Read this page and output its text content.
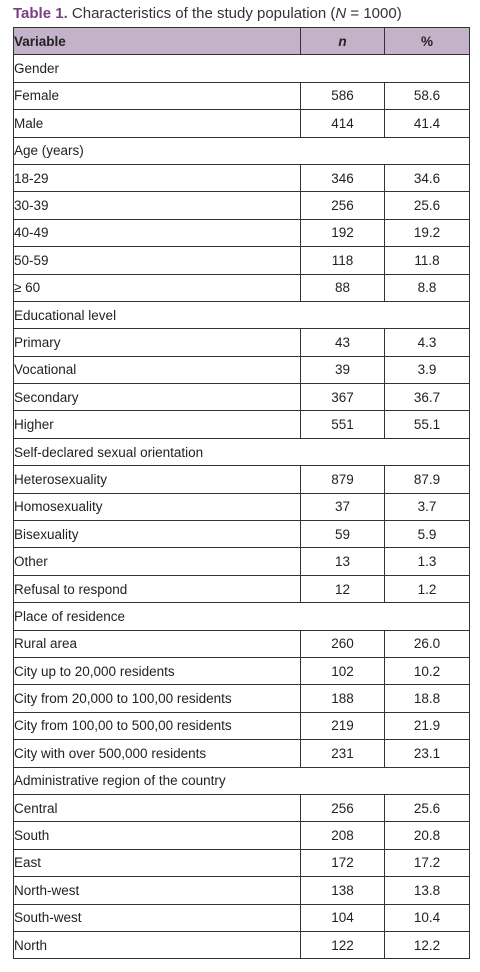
Table 1. Characteristics of the study population (N = 1000)
Variable	n	%
Gender		
Female	586	58.6
Male	414	41.4
Age (years)		
18-29	346	34.6
30-39	256	25.6
40-49	192	19.2
50-59	118	11.8
≥ 60	88	8.8
Educational level		
Primary	43	4.3
Vocational	39	3.9
Secondary	367	36.7
Higher	551	55.1
Self-declared sexual orientation		
Heterosexuality	879	87.9
Homosexuality	37	3.7
Bisexuality	59	5.9
Other	13	1.3
Refusal to respond	12	1.2
Place of residence		
Rural area	260	26.0
City up to 20,000 residents	102	10.2
City from 20,000 to 100,00 residents	188	18.8
City from 100,00 to 500,00 residents	219	21.9
City with over 500,000 residents	231	23.1
Administrative region of the country		
Central	256	25.6
South	208	20.8
East	172	17.2
North-west	138	13.8
South-west	104	10.4
North	122	12.2
